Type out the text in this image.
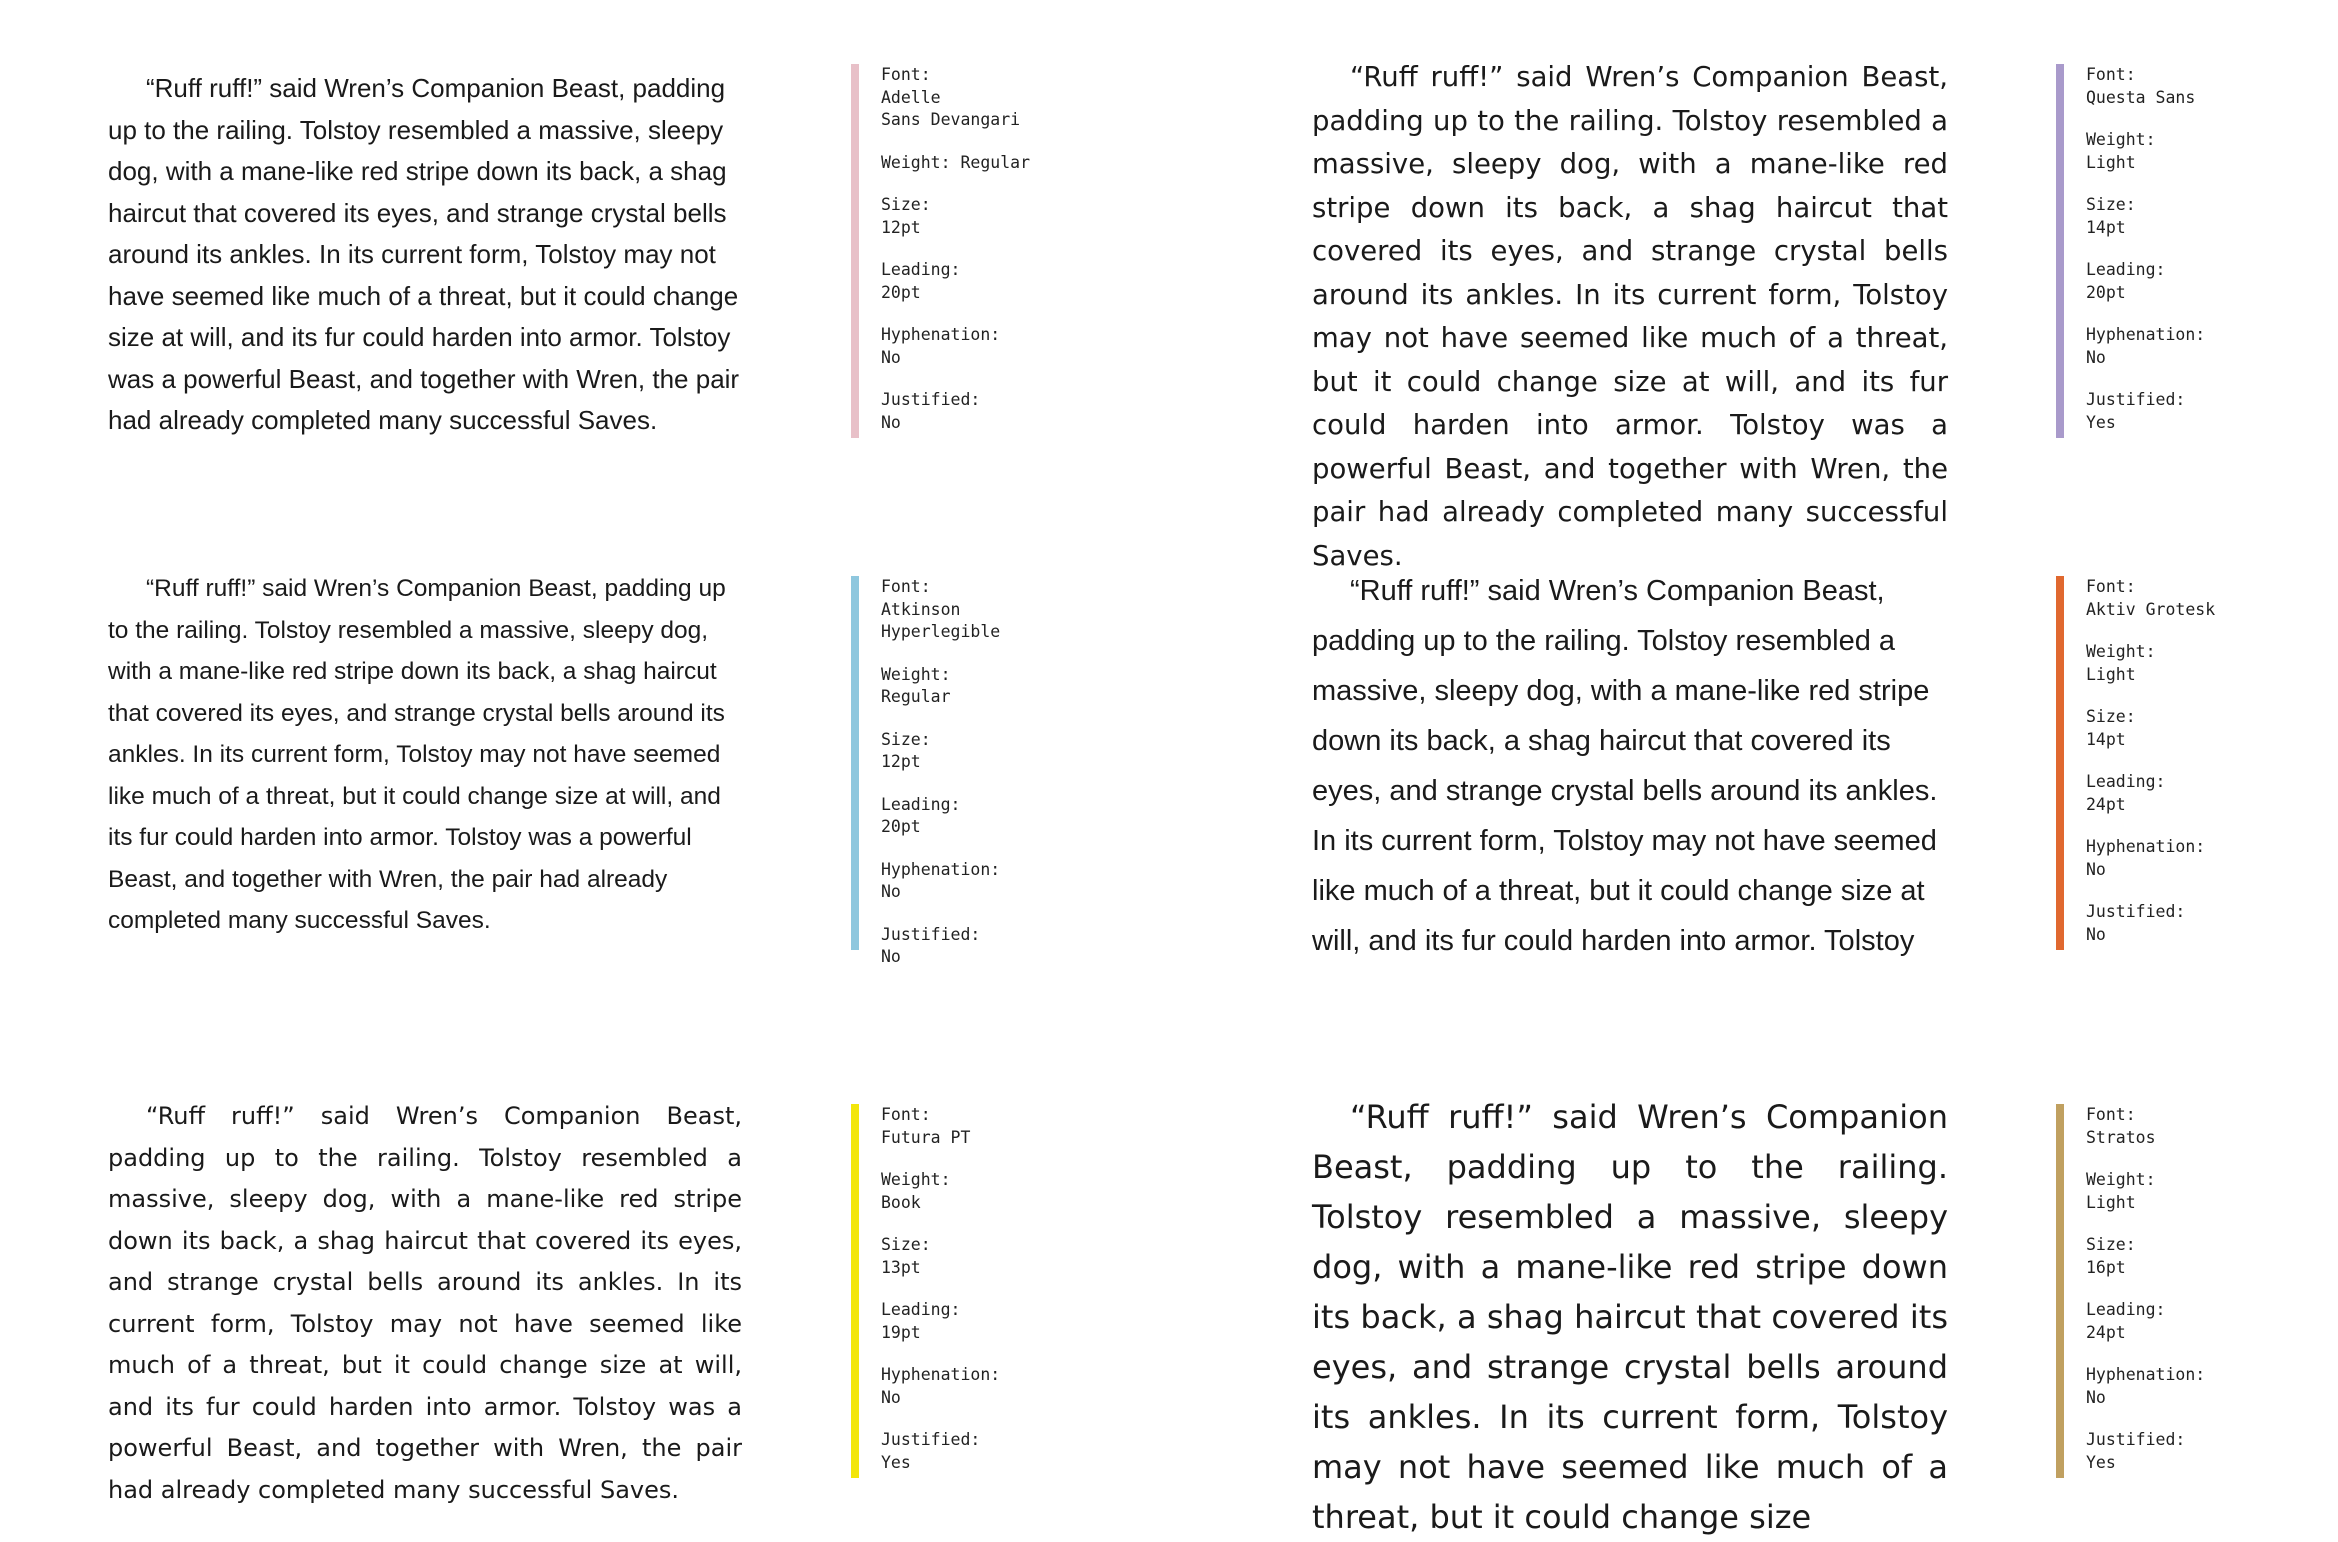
“Ruff ruff!” said Wren’s Companion Beast, padding up to the railing. Tolstoy resembled a massive, sleepy dog, with a mane-like red stripe down its back, a shag haircut that covered its eyes, and strange crystal bells around its ankles. In its current form, Tolstoy may not have seemed like much of a threat, but it could change size at will, and its fur could harden into armor. Tolstoy was a powerful Beast, and together with Wren, the pair had already completed many successful Saves.

Font:
Adelle
Sans Devangari
Weight: Regular
Size:
12pt
Leading:
20pt
Hyphenation:
No
Justified:
No

“Ruff ruff!” said Wren’s Companion Beast, padding up to the railing. Tolstoy resembled a massive, sleepy dog, with a mane-like red stripe down its back, a shag haircut that covered its eyes, and strange crystal bells around its ankles. In its current form, Tolstoy may not have seemed like much of a threat, but it could change size at will, and its fur could harden into armor. Tolstoy was a powerful Beast, and together with Wren, the pair had already completed many successful Saves.

Font:
Questa Sans
Weight:
Light
Size:
14pt
Leading:
20pt
Hyphenation:
No
Justified:
Yes

“Ruff ruff!” said Wren’s Companion Beast, padding up to the railing. Tolstoy resembled a massive, sleepy dog, with a mane-like red stripe down its back, a shag haircut that covered its eyes, and strange crystal bells around its ankles. In its current form, Tolstoy may not have seemed like much of a threat, but it could change size at will, and its fur could harden into armor. Tolstoy was a powerful Beast, and together with Wren, the pair had already completed many successful Saves.

Font:
Atkinson
Hyperlegible
Weight:
Regular
Size:
12pt
Leading:
20pt
Hyphenation:
No
Justified:
No

“Ruff ruff!” said Wren’s Companion Beast, padding up to the railing. Tolstoy resembled a massive, sleepy dog, with a mane-like red stripe down its back, a shag haircut that covered its eyes, and strange crystal bells around its ankles. In its current form, Tolstoy may not have seemed like much of a threat, but it could change size at will, and its fur could harden into armor. Tolstoy

Font:
Aktiv Grotesk
Weight:
Light
Size:
14pt
Leading:
24pt
Hyphenation:
No
Justified:
No

“Ruff ruff!” said Wren’s Companion Beast, padding up to the railing. Tolstoy resembled a massive, sleepy dog, with a mane-like red stripe down its back, a shag haircut that covered its eyes, and strange crystal bells around its ankles. In its current form, Tolstoy may not have seemed like much of a threat, but it could change size at will, and its fur could harden into armor. Tolstoy was a powerful Beast, and together with Wren, the pair had already completed many successful Saves.

Font:
Futura PT
Weight:
Book
Size:
13pt
Leading:
19pt
Hyphenation:
No
Justified:
Yes

“Ruff ruff!” said Wren’s Companion Beast, padding up to the railing. Tolstoy resembled a massive, sleepy dog, with a mane-like red stripe down its back, a shag haircut that covered its eyes, and strange crystal bells around its ankles. In its current form, Tolstoy may not have seemed like much of a threat, but it could change size

Font:
Stratos
Weight:
Light
Size:
16pt
Leading:
24pt
Hyphenation:
No
Justified:
Yes
